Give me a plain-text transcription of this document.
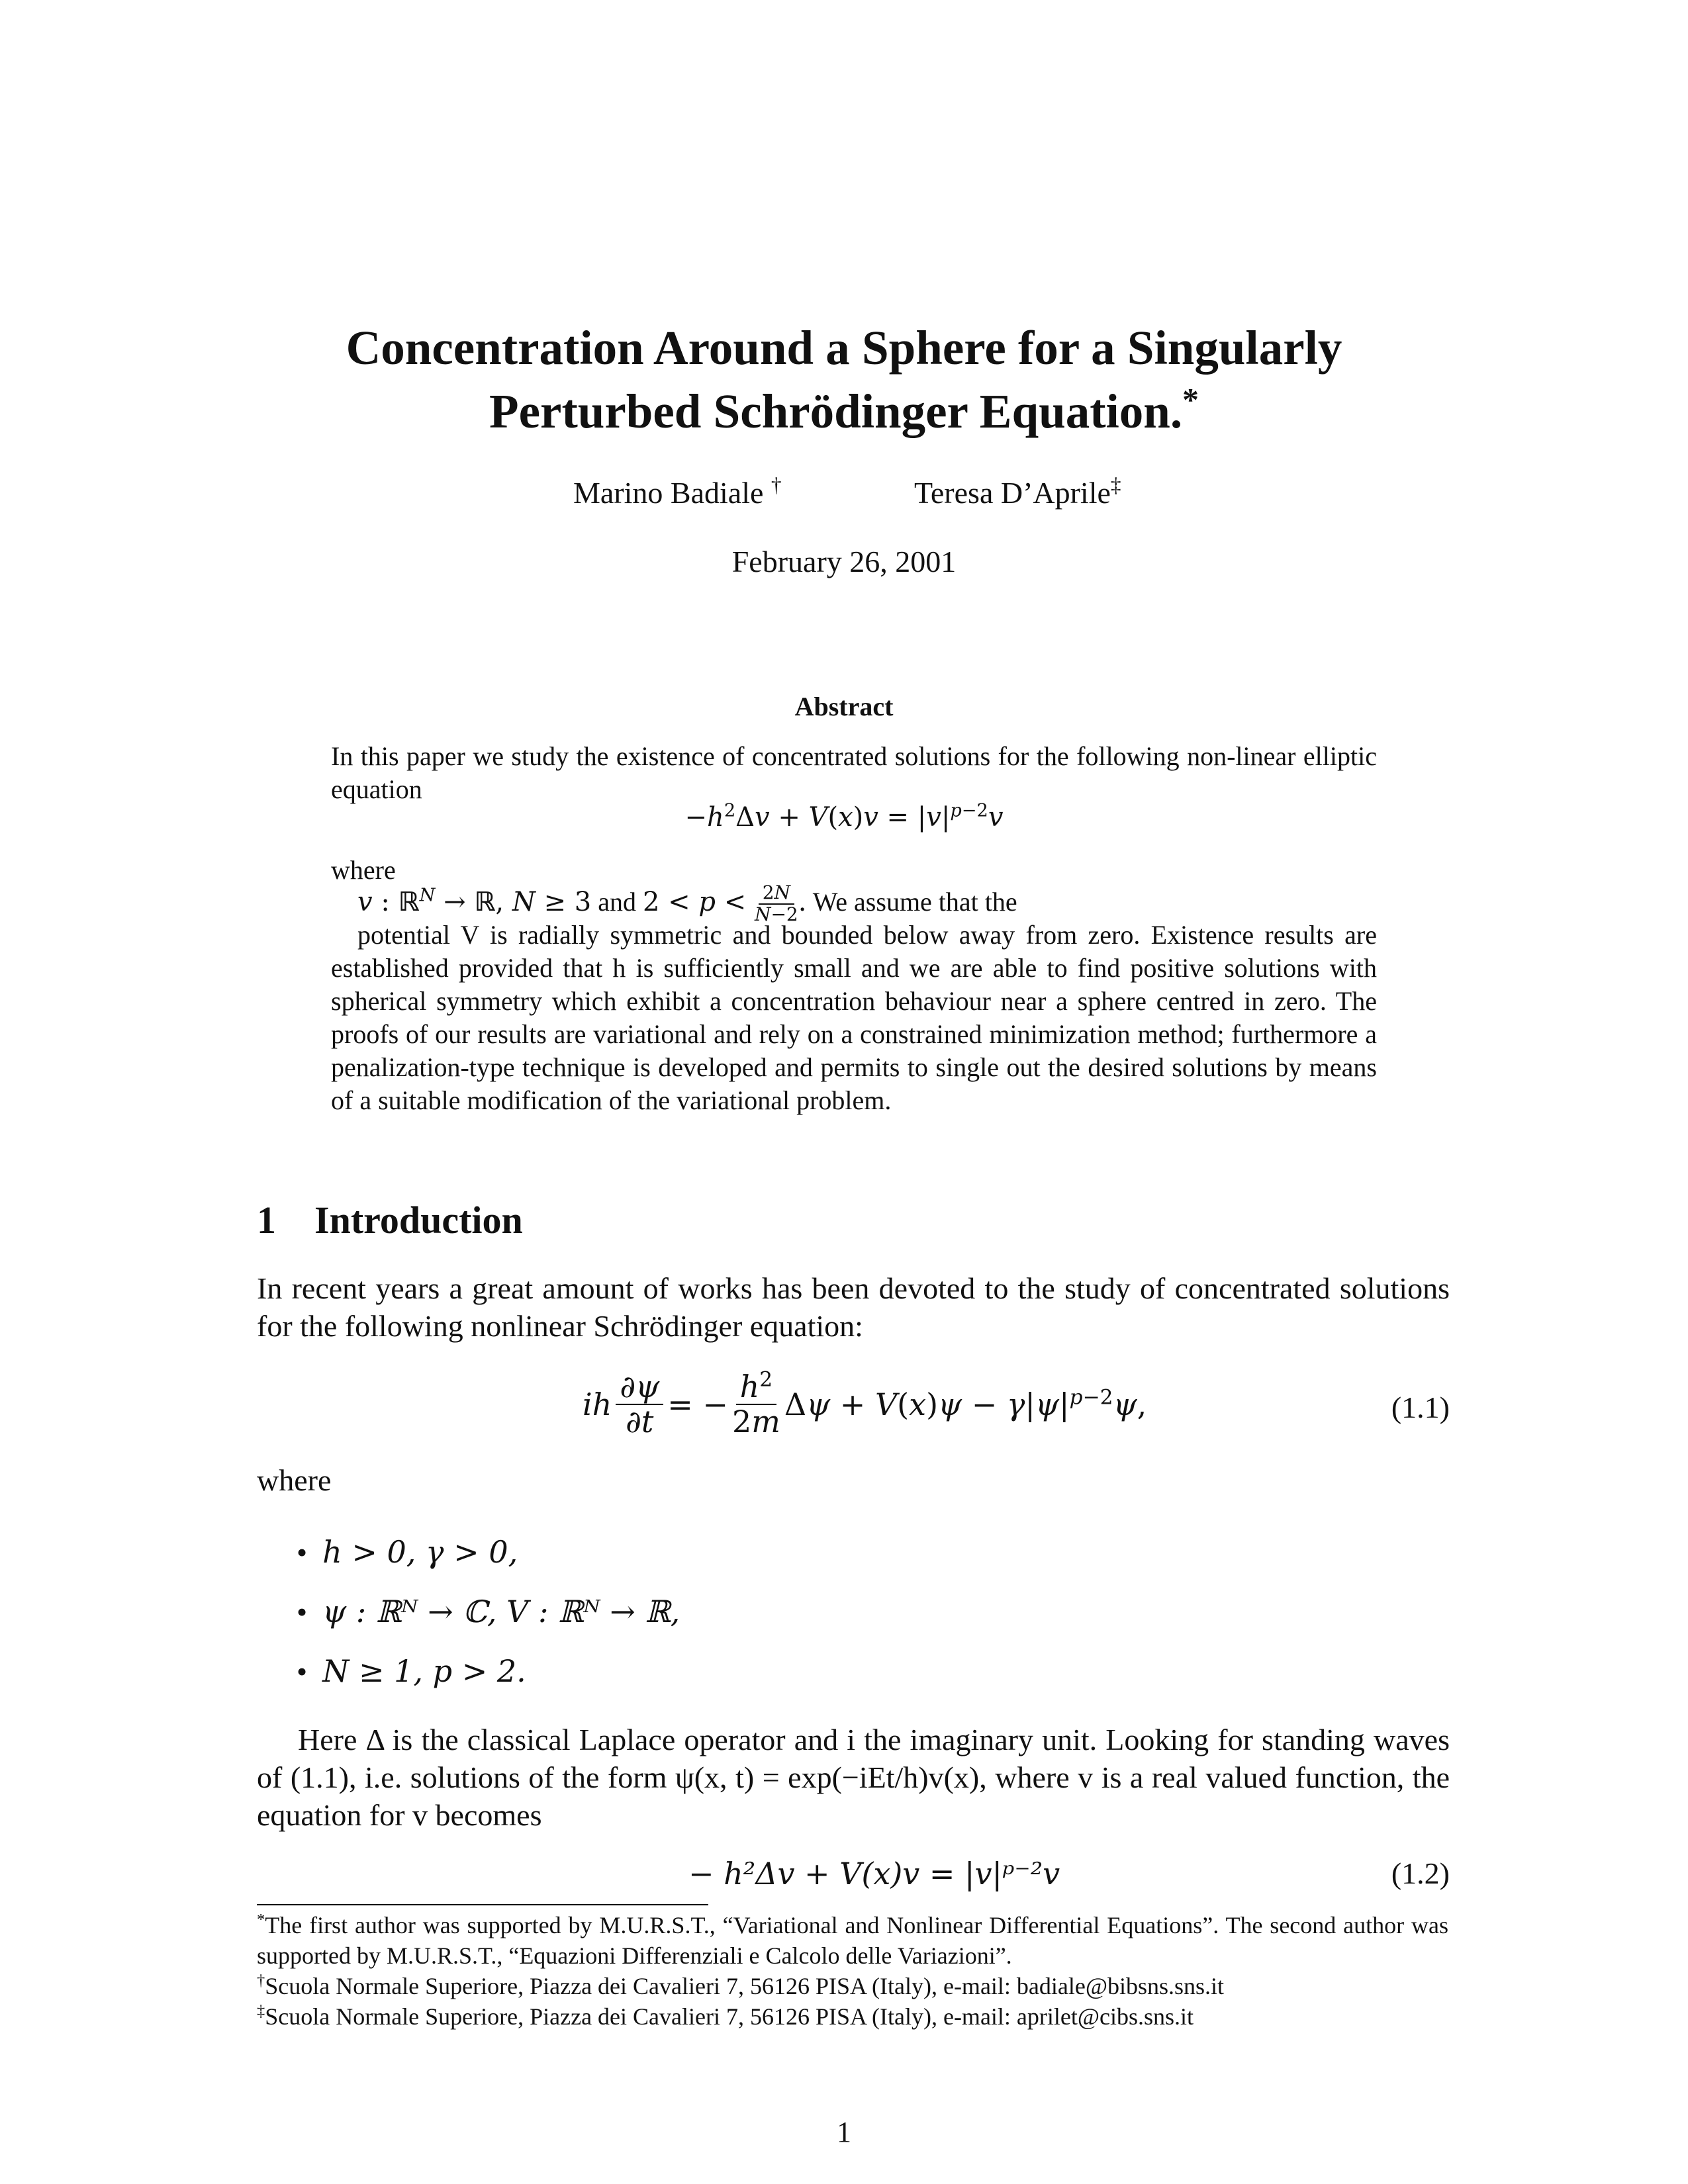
Concentration Around a Sphere for a Singularly
Perturbed Schrödinger Equation.*
Marino Badiale †	Teresa D’Aprile‡
February 26, 2001
Abstract
In this paper we study the existence of concentrated solutions for the following non-linear elliptic equation
$-h^2\Delta v + V(x)v = |v|^{p-2}v$
where
v : ℝ$^N$ → ℝ, N ≥ 3 and $2 < p < \frac{2N}{N-2}$ . We assume that the
potential V is radially symmetric and bounded below away from zero. Existence results are established provided that h is sufficiently small and we are able to find positive solutions with spherical symmetry which exhibit a concentration behaviour near a sphere centred in zero. The proofs of our results are variational and rely on a constrained minimization method; furthermore a penalization-type technique is developed and permits to single out the desired solutions by means of a suitable modification of the variational problem.
1 Introduction
In recent years a great amount of works has been devoted to the study of concentrated solutions for the following nonlinear Schrödinger equation:
ih $\frac{\partial\psi}{\partial t}$ = − $\frac{h^2}{2m}$ $\Delta\psi + V(x)\psi - \gamma|\psi|^{p-2}\psi$,	(1.1)
where
• h > 0, γ > 0,
• ψ : ℝᴺ → ℂ, V : ℝᴺ → ℝ,
• N ≥ 1, p > 2.
Here Δ is the classical Laplace operator and i the imaginary unit. Looking for standing waves of (1.1), i.e. solutions of the form ψ(x, t) = exp(−iEt/h)v(x), where v is a real valued function, the equation for v becomes
− h²Δv + V(x)v = |v|ᵖ⁻²v	(1.2)
*The first author was supported by M.U.R.S.T., “Variational and Nonlinear Differential Equations”. The second author was supported by M.U.R.S.T., “Equazioni Differenziali e Calcolo delle Variazioni”.
†Scuola Normale Superiore, Piazza dei Cavalieri 7, 56126 PISA (Italy), e-mail: badiale@bibsns.sns.it
‡Scuola Normale Superiore, Piazza dei Cavalieri 7, 56126 PISA (Italy), e-mail: aprilet@cibs.sns.it
1
